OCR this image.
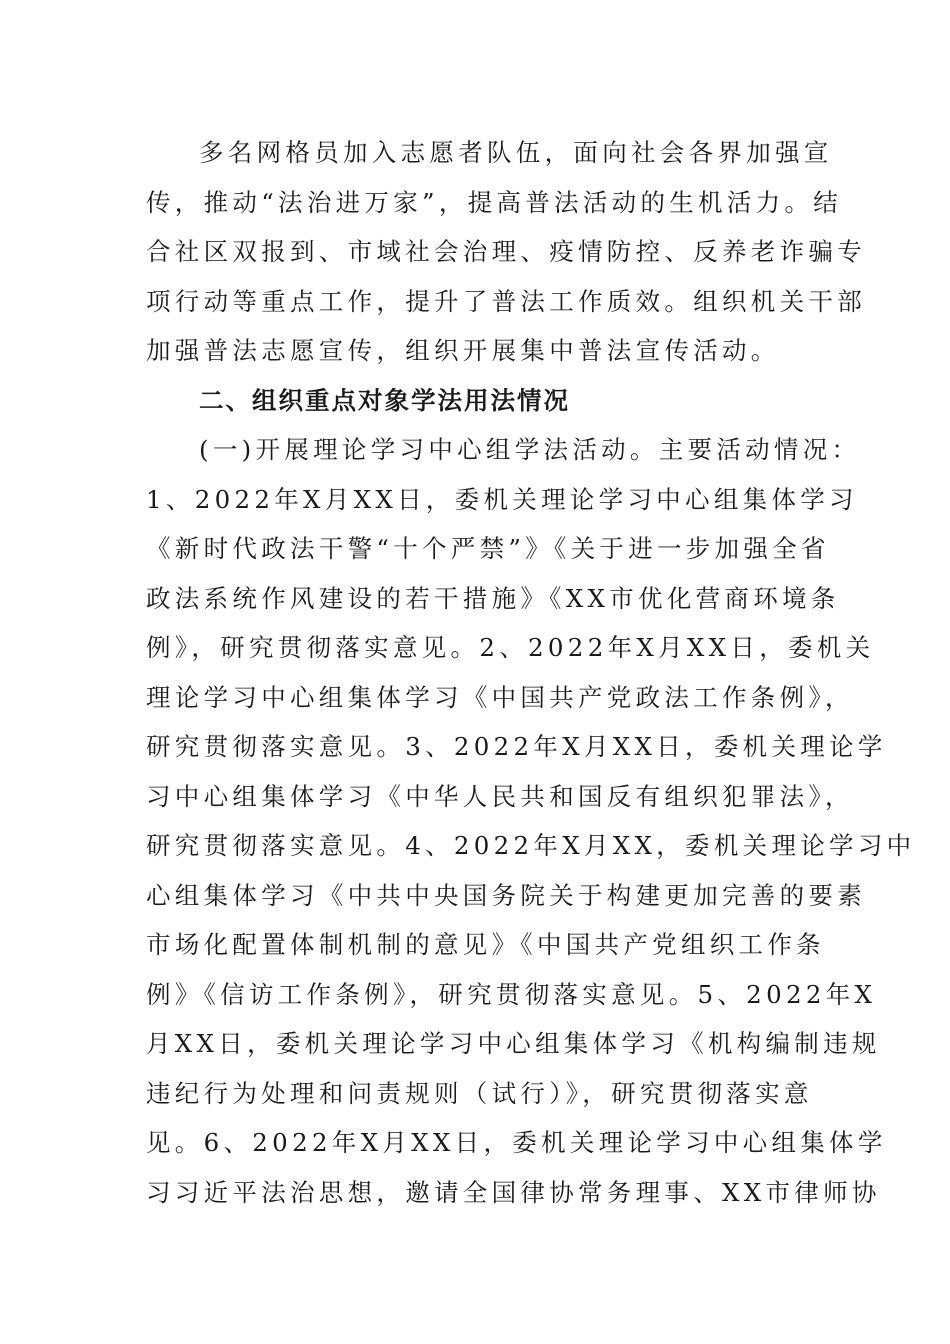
多名网格员加入志愿者队伍，面向社会各界加强宣
传，推动“法治进万家”，提高普法活动的生机活力。结
合社区双报到、市域社会治理、疫情防控、反养老诈骗专
项行动等重点工作，提升了普法工作质效。组织机关干部
加强普法志愿宣传，组织开展集中普法宣传活动。
二、组织重点对象学法用法情况
(一)开展理论学习中心组学法活动。主要活动情况：
1、2022年X月XX日，委机关理论学习中心组集体学习
《新时代政法干警“十个严禁”》《关于进一步加强全省
政法系统作风建设的若干措施》《XX市优化营商环境条
例》，研究贯彻落实意见。2、2022年X月XX日，委机关
理论学习中心组集体学习《中国共产党政法工作条例》，
研究贯彻落实意见。3、2022年X月XX日，委机关理论学
习中心组集体学习《中华人民共和国反有组织犯罪法》，
研究贯彻落实意见。4、2022年X月XX，委机关理论学习中
心组集体学习《中共中央国务院关于构建更加完善的要素
市场化配置体制机制的意见》《中国共产党组织工作条
例》《信访工作条例》，研究贯彻落实意见。5、2022年X
月XX日，委机关理论学习中心组集体学习《机构编制违规
违纪行为处理和问责规则（试行）》，研究贯彻落实意
见。6、2022年X月XX日，委机关理论学习中心组集体学
习习近平法治思想，邀请全国律协常务理事、XX市律师协
